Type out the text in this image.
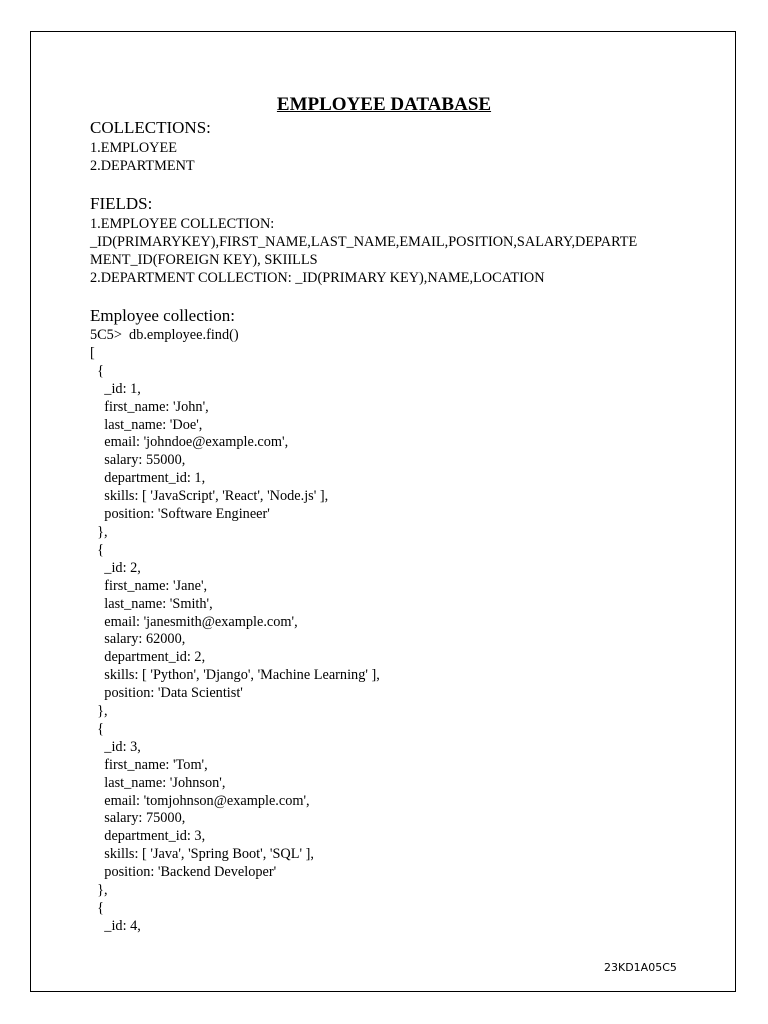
EMPLOYEE DATABASE

COLLECTIONS:

1.EMPLOYEE

2.DEPARTMENT

FIELDS:

1.EMPLOYEE COLLECTION:

_ID(PRIMARYKEY),FIRST_NAME,LAST_NAME,EMAIL,POSITION,SALARY,DEPARTE

MENT_ID(FOREIGN KEY), SKIILLS

2.DEPARTMENT COLLECTION: _ID(PRIMARY KEY),NAME,LOCATION

Employee collection:

5C5>  db.employee.find()

[

{

_id: 1,

first_name: 'John',

last_name: 'Doe',

email: 'johndoe@example.com',

salary: 55000,

department_id: 1,

skills: [ 'JavaScript', 'React', 'Node.js' ],

position: 'Software Engineer'

},

{

_id: 2,

first_name: 'Jane',

last_name: 'Smith',

email: 'janesmith@example.com',

salary: 62000,

department_id: 2,

skills: [ 'Python', 'Django', 'Machine Learning' ],

position: 'Data Scientist'

},

{

_id: 3,

first_name: 'Tom',

last_name: 'Johnson',

email: 'tomjohnson@example.com',

salary: 75000,

department_id: 3,

skills: [ 'Java', 'Spring Boot', 'SQL' ],

position: 'Backend Developer'

},

{

_id: 4,

23KD1A05C5
